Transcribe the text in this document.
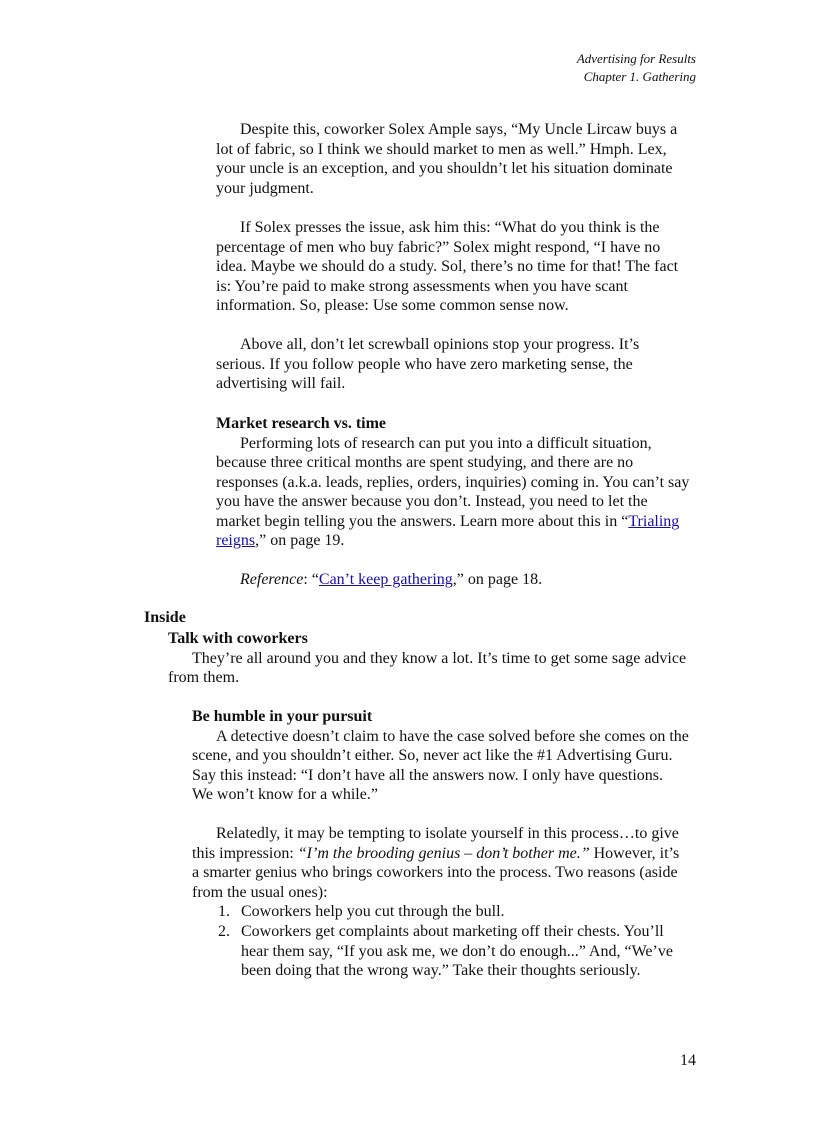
Advertising for Results
Chapter 1. Gathering
Despite this, coworker Solex Ample says, “My Uncle Lircaw buys a
lot of fabric, so I think we should market to men as well.” Hmph. Lex,
your uncle is an exception, and you shouldn’t let his situation dominate
your judgment.
If Solex presses the issue, ask him this: “What do you think is the
percentage of men who buy fabric?” Solex might respond, “I have no
idea. Maybe we should do a study. Sol, there’s no time for that! The fact
is: You’re paid to make strong assessments when you have scant
information. So, please: Use some common sense now.
Above all, don’t let screwball opinions stop your progress. It’s
serious. If you follow people who have zero marketing sense, the
advertising will fail.
Market research vs. time
Performing lots of research can put you into a difficult situation,
because three critical months are spent studying, and there are no
responses (a.k.a. leads, replies, orders, inquiries) coming in. You can’t say
you have the answer because you don’t. Instead, you need to let the
market begin telling you the answers. Learn more about this in “Trialing
reigns,” on page 19.
Reference: “Can’t keep gathering,” on page 18.
Inside
Talk with coworkers
They’re all around you and they know a lot. It’s time to get some sage advice
from them.
Be humble in your pursuit
A detective doesn’t claim to have the case solved before she comes on the
scene, and you shouldn’t either. So, never act like the #1 Advertising Guru.
Say this instead: “I don’t have all the answers now. I only have questions.
We won’t know for a while.”
Relatedly, it may be tempting to isolate yourself in this process…to give
this impression: “I’m the brooding genius – don’t bother me.” However, it’s
a smarter genius who brings coworkers into the process. Two reasons (aside
from the usual ones):
1. Coworkers help you cut through the bull.
2. Coworkers get complaints about marketing off their chests. You’ll
hear them say, “If you ask me, we don’t do enough...” And, “We’ve
been doing that the wrong way.” Take their thoughts seriously.
14
